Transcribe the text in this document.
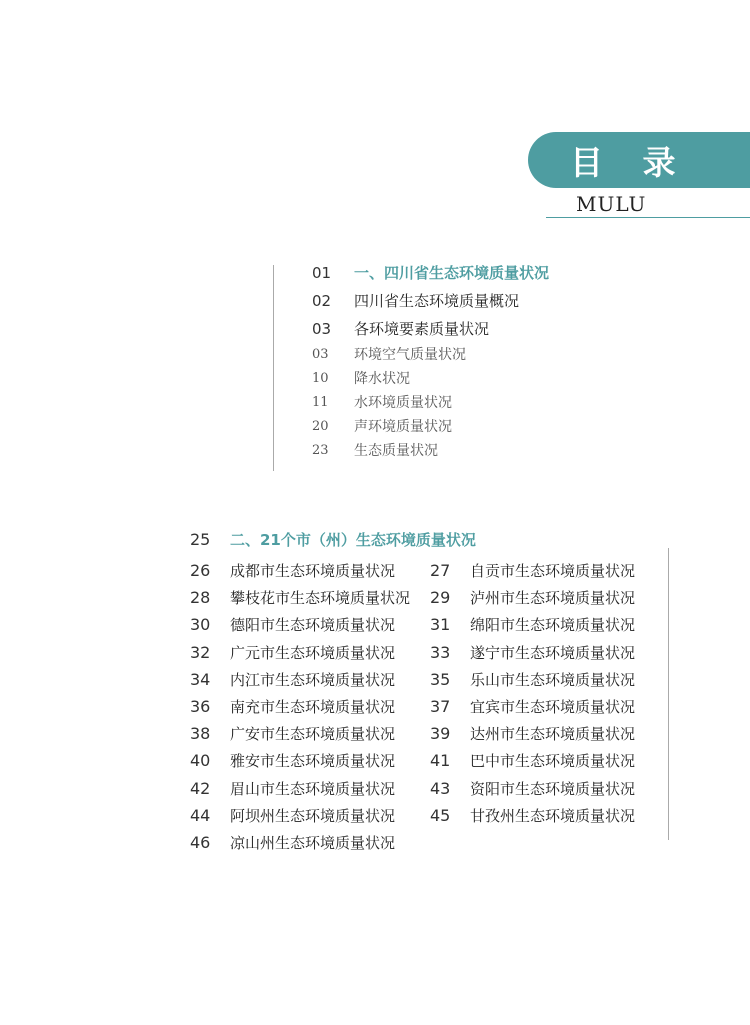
目 录
MULU
01 一、四川省生态环境质量状况
02 四川省生态环境质量概况
03 各环境要素质量状况
03 环境空气质量状况
10 降水状况
11 水环境质量状况
20 声环境质量状况
23 生态质量状况
25 二、21个市（州）生态环境质量状况
26 成都市生态环境质量状况
28 攀枝花市生态环境质量状况
30 德阳市生态环境质量状况
32 广元市生态环境质量状况
34 内江市生态环境质量状况
36 南充市生态环境质量状况
38 广安市生态环境质量状况
40 雅安市生态环境质量状况
42 眉山市生态环境质量状况
44 阿坝州生态环境质量状况
46 凉山州生态环境质量状况
27 自贡市生态环境质量状况
29 泸州市生态环境质量状况
31 绵阳市生态环境质量状况
33 遂宁市生态环境质量状况
35 乐山市生态环境质量状况
37 宜宾市生态环境质量状况
39 达州市生态环境质量状况
41 巴中市生态环境质量状况
43 资阳市生态环境质量状况
45 甘孜州生态环境质量状况
